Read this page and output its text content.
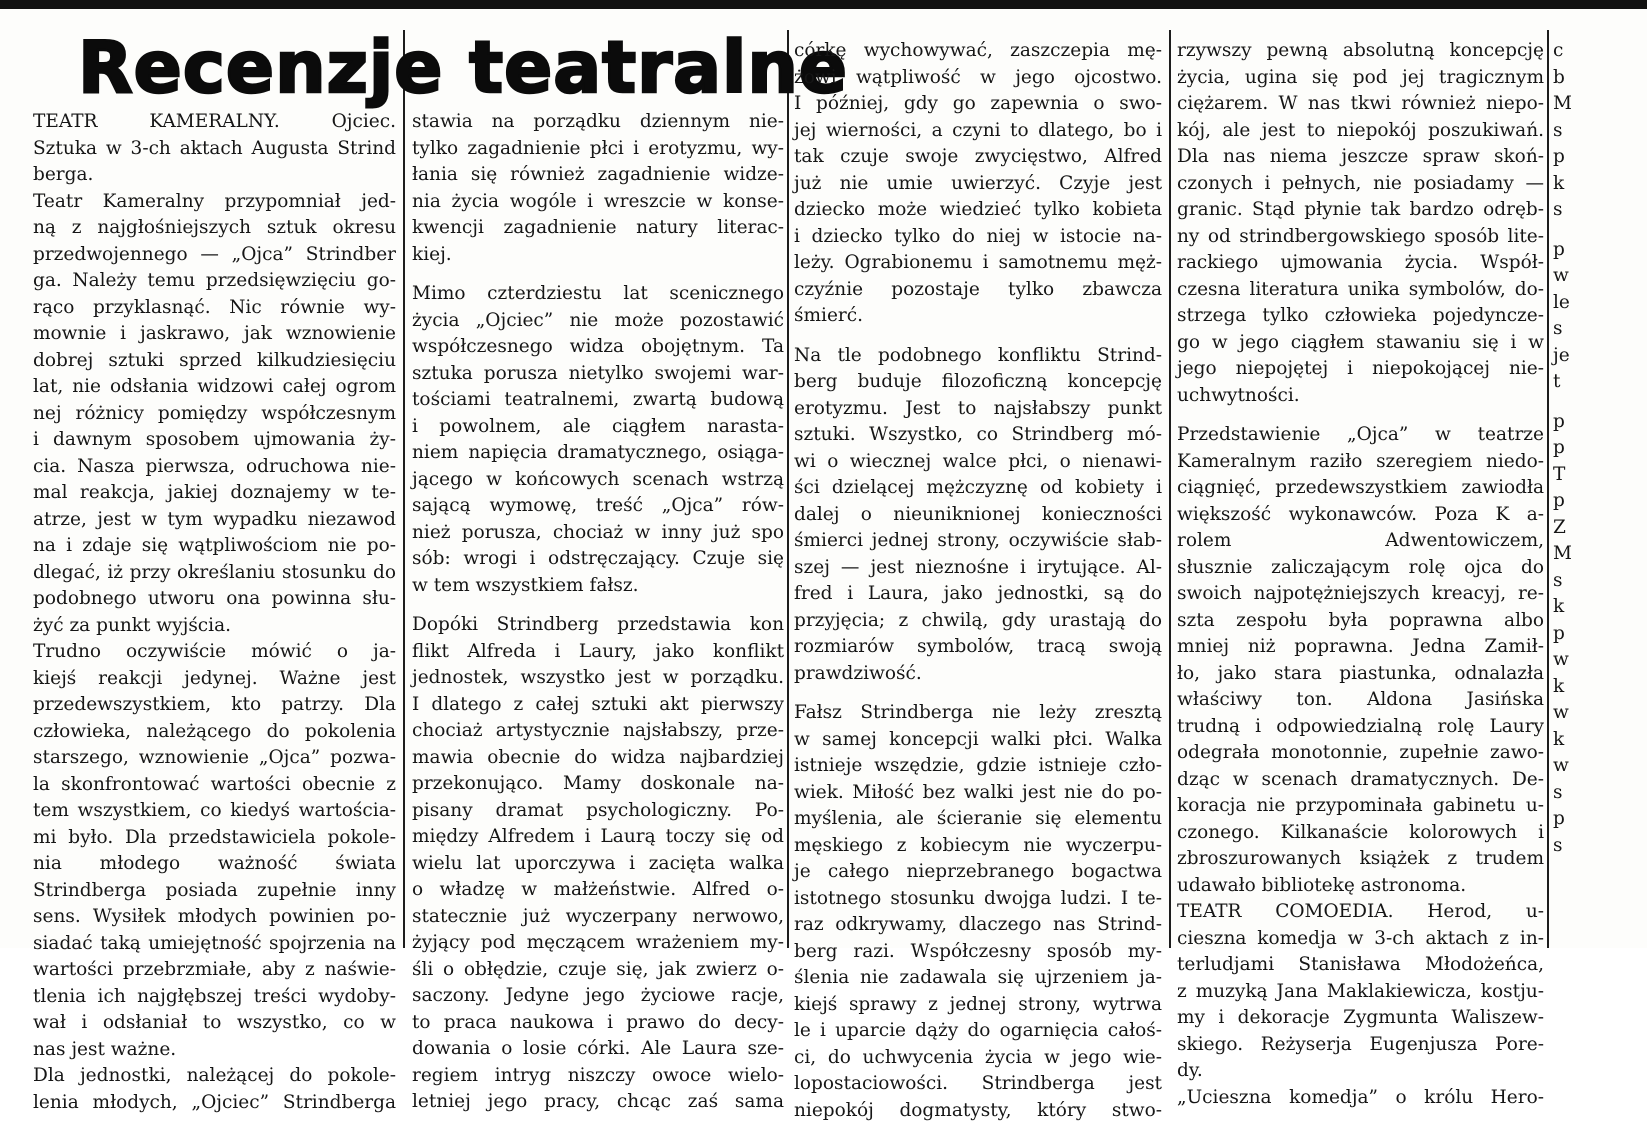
Recenzje teatralne

TEATR KAMERALNY. Ojciec.

Sztuka w 3-ch aktach Augusta Strind

berga.

Teatr Kameralny przypomniał jed-

ną z najgłośniejszych sztuk okresu

przedwojennego — „Ojca” Strindber

ga. Należy temu przedsięwzięciu go-

rąco przyklasnąć. Nic równie wy-

mownie i jaskrawo, jak wznowienie

dobrej sztuki sprzed kilkudziesięciu

lat, nie odsłania widzowi całej ogrom

nej różnicy pomiędzy współczesnym

i dawnym sposobem ujmowania ży-

cia. Nasza pierwsza, odruchowa nie-

mal reakcja, jakiej doznajemy w te-

atrze, jest w tym wypadku niezawod

na i zdaje się wątpliwościom nie po-

dlegać, iż przy określaniu stosunku do

podobnego utworu ona powinna słu-

żyć za punkt wyjścia.

Trudno oczywiście mówić o ja-

kiejś reakcji jedynej. Ważne jest

przedewszystkiem, kto patrzy. Dla

człowieka, należącego do pokolenia

starszego, wznowienie „Ojca” pozwa-

la skonfrontować wartości obecnie z

tem wszystkiem, co kiedyś wartościa-

mi było. Dla przedstawiciela pokole-

nia młodego ważność świata

Strindberga posiada zupełnie inny

sens. Wysiłek młodych powinien po-

siadać taką umiejętność spojrzenia na

wartości przebrzmiałe, aby z naświe-

tlenia ich najgłębszej treści wydoby-

wał i odsłaniał to wszystko, co w

nas jest ważne.

Dla jednostki, należącej do pokole-

lenia młodych, „Ojciec” Strindberga

stawia na porządku dziennym nie-

tylko zagadnienie płci i erotyzmu, wy-

łania się również zagadnienie widze-

nia życia wogóle i wreszcie w konse-

kwencji zagadnienie natury literac-

kiej.

Mimo czterdziestu lat scenicznego

życia „Ojciec” nie może pozostawić

współczesnego widza obojętnym. Ta

sztuka porusza nietylko swojemi war-

tościami teatralnemi, zwartą budową

i powolnem, ale ciągłem narasta-

niem napięcia dramatycznego, osiąga-

jącego w końcowych scenach wstrzą

sającą wymowę, treść „Ojca” rów-

nież porusza, chociaż w inny już spo

sób: wrogi i odstręczający. Czuje się

w tem wszystkiem fałsz.

Dopóki Strindberg przedstawia kon

flikt Alfreda i Laury, jako konflikt

jednostek, wszystko jest w porządku.

I dlatego z całej sztuki akt pierwszy

chociaż artystycznie najsłabszy, prze-

mawia obecnie do widza najbardziej

przekonująco. Mamy doskonale na-

pisany dramat psychologiczny. Po-

między Alfredem i Laurą toczy się od

wielu lat uporczywa i zacięta walka

o władzę w małżeństwie. Alfred o-

statecznie już wyczerpany nerwowo,

żyjący pod męczącem wrażeniem my-

śli o obłędzie, czuje się, jak zwierz o-

saczony. Jedyne jego życiowe racje,

to praca naukowa i prawo do decy-

dowania o losie córki. Ale Laura sze-

regiem intryg niszczy owoce wielo-

letniej jego pracy, chcąc zaś sama

córkę wychowywać, zaszczepia mę-

żowi wątpliwość w jego ojcostwo.

I później, gdy go zapewnia o swo-

jej wierności, a czyni to dlatego, bo i

tak czuje swoje zwycięstwo, Alfred

już nie umie uwierzyć. Czyje jest

dziecko może wiedzieć tylko kobieta

i dziecko tylko do niej w istocie na-

leży. Ograbionemu i samotnemu męż-

czyźnie pozostaje tylko zbawcza

śmierć.

Na tle podobnego konfliktu Strind-

berg buduje filozoficzną koncepcję

erotyzmu. Jest to najsłabszy punkt

sztuki. Wszystko, co Strindberg mó-

wi o wiecznej walce płci, o nienawi-

ści dzielącej mężczyznę od kobiety i

dalej o nieuniknionej konieczności

śmierci jednej strony, oczywiście słab-

szej — jest nieznośne i irytujące. Al-

fred i Laura, jako jednostki, są do

przyjęcia; z chwilą, gdy urastają do

rozmiarów symbolów, tracą swoją

prawdziwość.

Fałsz Strindberga nie leży zresztą

w samej koncepcji walki płci. Walka

istnieje wszędzie, gdzie istnieje czło-

wiek. Miłość bez walki jest nie do po-

myślenia, ale ścieranie się elementu

męskiego z kobiecym nie wyczerpu-

je całego nieprzebranego bogactwa

istotnego stosunku dwojga ludzi. I te-

raz odkrywamy, dlaczego nas Strind-

berg razi. Współczesny sposób my-

ślenia nie zadawala się ujrzeniem ja-

kiejś sprawy z jednej strony, wytrwa

le i uparcie dąży do ogarnięcia całoś-

ci, do uchwycenia życia w jego wie-

lopostaciowości. Strindberga jest

niepokój dogmatysty, który stwo-

rzywszy pewną absolutną koncepcję

życia, ugina się pod jej tragicznym

ciężarem. W nas tkwi również niepo-

kój, ale jest to niepokój poszukiwań.

Dla nas niema jeszcze spraw skoń-

czonych i pełnych, nie posiadamy —

granic. Stąd płynie tak bardzo odręb-

ny od strindbergowskiego sposób lite-

rackiego ujmowania życia. Współ-

czesna literatura unika symbolów, do-

strzega tylko człowieka pojedyncze-

go w jego ciągłem stawaniu się i w

jego niepojętej i niepokojącej nie-

uchwytności.

Przedstawienie „Ojca” w teatrze

Kameralnym raziło szeregiem niedo-

ciągnięć, przedewszystkiem zawiodła

większość wykonawców. Poza K a-

rolem Adwentowiczem,

słusznie zaliczającym rolę ojca do

swoich najpotężniejszych kreacyj, re-

szta zespołu była poprawna albo

mniej niż poprawna. Jedna Zamił-

ło, jako stara piastunka, odnalazła

właściwy ton. Aldona Jasińska

trudną i odpowiedzialną rolę Laury

odegrała monotonnie, zupełnie zawo-

dząc w scenach dramatycznych. De-

koracja nie przypominała gabinetu u-

czonego. Kilkanaście kolorowych i

zbroszurowanych książek z trudem

udawało bibliotekę astronoma.

TEATR COMOEDIA. Herod, u-

ciesznа komedja w 3-ch aktach z in-

terludjami Stanisława Młodożeńca,

z muzyką Jana Maklakiewicza, kostju-

my i dekoracje Zygmunta Waliszew-

skiego. Reżyserja Eugenjusza Pore-

dy.

„Ucieszna komedja” o królu Hero-

c

b

M

s

p

k

s

p

w

le

s

je

t

p

p

T

p

Z

M

s

k

p

w

k

w

k

w

s

p

s
